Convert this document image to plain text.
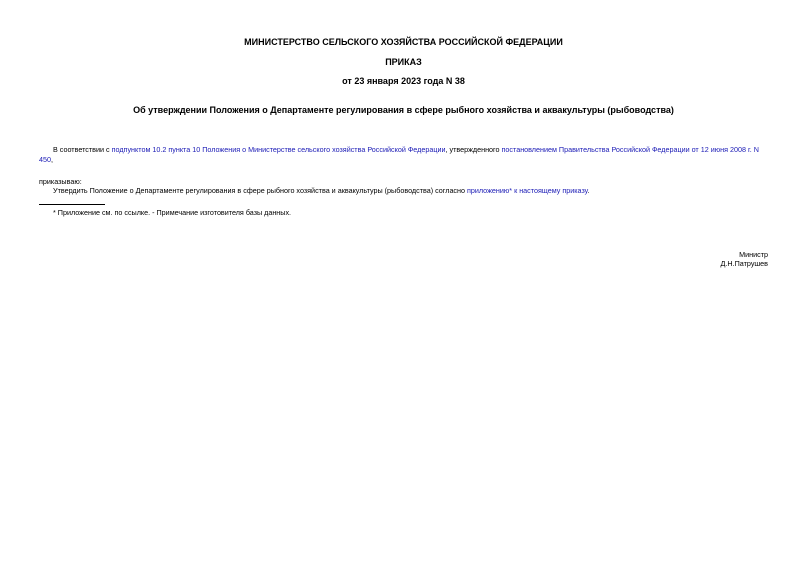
МИНИСТЕРСТВО СЕЛЬСКОГО ХОЗЯЙСТВА РОССИЙСКОЙ ФЕДЕРАЦИИ
ПРИКАЗ
от 23 января 2023 года N 38
Об утверждении Положения о Департаменте регулирования в сфере рыбного хозяйства и аквакультуры (рыбоводства)
В соответствии с подпунктом 10.2 пункта 10 Положения о Министерстве сельского хозяйства Российской Федерации, утвержденного постановлением Правительства Российской Федерации от 12 июня 2008 г. N 450,
приказываю:
Утвердить Положение о Департаменте регулирования в сфере рыбного хозяйства и аквакультуры (рыбоводства) согласно приложению* к настоящему приказу.
* Приложение см. по ссылке. - Примечание изготовителя базы данных.
Министр
Д.Н.Патрушев
